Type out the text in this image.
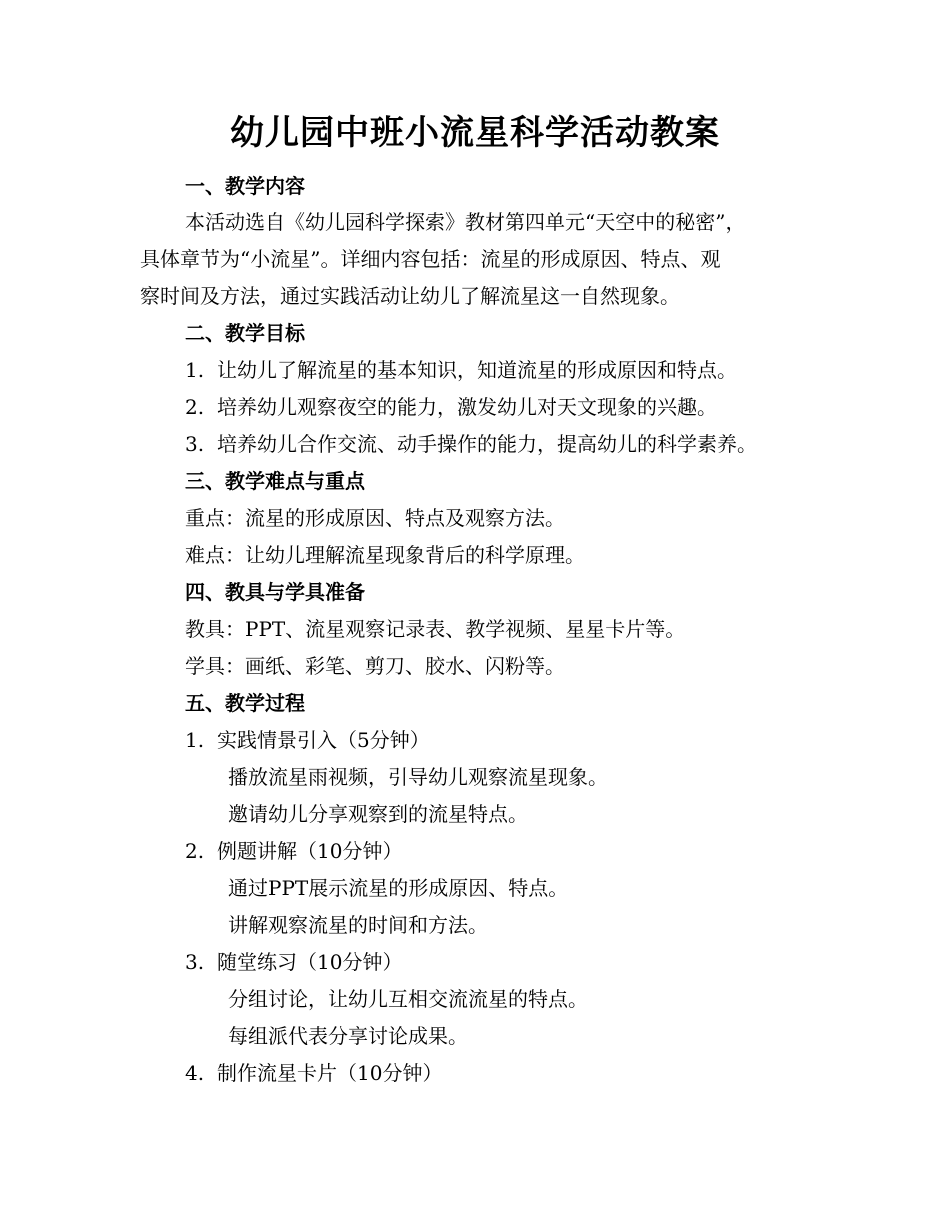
幼儿园中班小流星科学活动教案
一、教学内容
本活动选自《幼儿园科学探索》教材第四单元“天空中的秘密”，
具体章节为“小流星”。详细内容包括：流星的形成原因、特点、观
察时间及方法，通过实践活动让幼儿了解流星这一自然现象。
二、教学目标
1. 让幼儿了解流星的基本知识，知道流星的形成原因和特点。
2. 培养幼儿观察夜空的能力，激发幼儿对天文现象的兴趣。
3. 培养幼儿合作交流、动手操作的能力，提高幼儿的科学素养。
三、教学难点与重点
重点：流星的形成原因、特点及观察方法。
难点：让幼儿理解流星现象背后的科学原理。
四、教具与学具准备
教具：PPT、流星观察记录表、教学视频、星星卡片等。
学具：画纸、彩笔、剪刀、胶水、闪粉等。
五、教学过程
1. 实践情景引入（5分钟）
播放流星雨视频，引导幼儿观察流星现象。
邀请幼儿分享观察到的流星特点。
2. 例题讲解（10分钟）
通过PPT展示流星的形成原因、特点。
讲解观察流星的时间和方法。
3. 随堂练习（10分钟）
分组讨论，让幼儿互相交流流星的特点。
每组派代表分享讨论成果。
4. 制作流星卡片（10分钟）
